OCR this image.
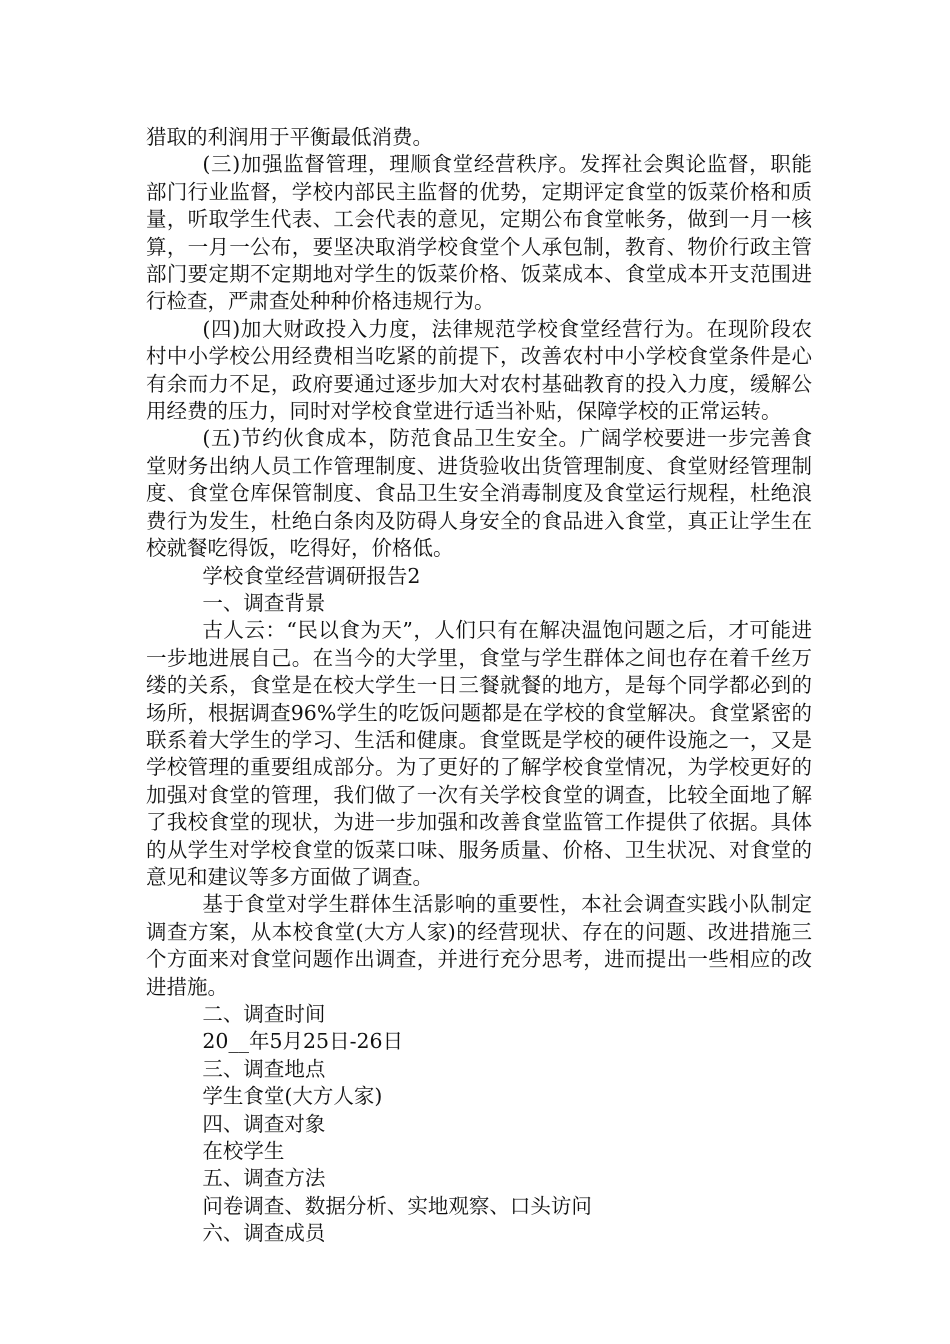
猎取的利润用于平衡最低消费。

(三)加强监督管理，理顺食堂经营秩序。发挥社会舆论监督，职能部门行业监督，学校内部民主监督的优势，定期评定食堂的饭菜价格和质量，听取学生代表、工会代表的意见，定期公布食堂帐务，做到一月一核算，一月一公布，要坚决取消学校食堂个人承包制，教育、物价行政主管部门要定期不定期地对学生的饭菜价格、饭菜成本、食堂成本开支范围进行检查，严肃查处种种价格违规行为。

(四)加大财政投入力度，法律规范学校食堂经营行为。在现阶段农村中小学校公用经费相当吃紧的前提下，改善农村中小学校食堂条件是心有余而力不足，政府要通过逐步加大对农村基础教育的投入力度，缓解公用经费的压力，同时对学校食堂进行适当补贴，保障学校的正常运转。

(五)节约伙食成本，防范食品卫生安全。广阔学校要进一步完善食堂财务出纳人员工作管理制度、进货验收出货管理制度、食堂财经管理制度、食堂仓库保管制度、食品卫生安全消毒制度及食堂运行规程，杜绝浪费行为发生，杜绝白条肉及防碍人身安全的食品进入食堂，真正让学生在校就餐吃得饭，吃得好，价格低。

学校食堂经营调研报告2

一、调查背景

古人云：“民以食为天”，人们只有在解决温饱问题之后，才可能进一步地进展自己。在当今的大学里，食堂与学生群体之间也存在着千丝万缕的关系，食堂是在校大学生一日三餐就餐的地方，是每个同学都必到的场所，根据调查96%学生的吃饭问题都是在学校的食堂解决。食堂紧密的联系着大学生的学习、生活和健康。食堂既是学校的硬件设施之一，又是学校管理的重要组成部分。为了更好的了解学校食堂情况，为学校更好的加强对食堂的管理，我们做了一次有关学校食堂的调查，比较全面地了解了我校食堂的现状，为进一步加强和改善食堂监管工作提供了依据。具体的从学生对学校食堂的饭菜口味、服务质量、价格、卫生状况、对食堂的意见和建议等多方面做了调查。

基于食堂对学生群体生活影响的重要性，本社会调查实践小队制定调查方案，从本校食堂(大方人家)的经营现状、存在的问题、改进措施三个方面来对食堂问题作出调查，并进行充分思考，进而提出一些相应的改进措施。

二、调查时间

20__年5月25日-26日

三、调查地点

学生食堂(大方人家)

四、调查对象

在校学生

五、调查方法

问卷调查、数据分析、实地观察、口头访问

六、调查成员
